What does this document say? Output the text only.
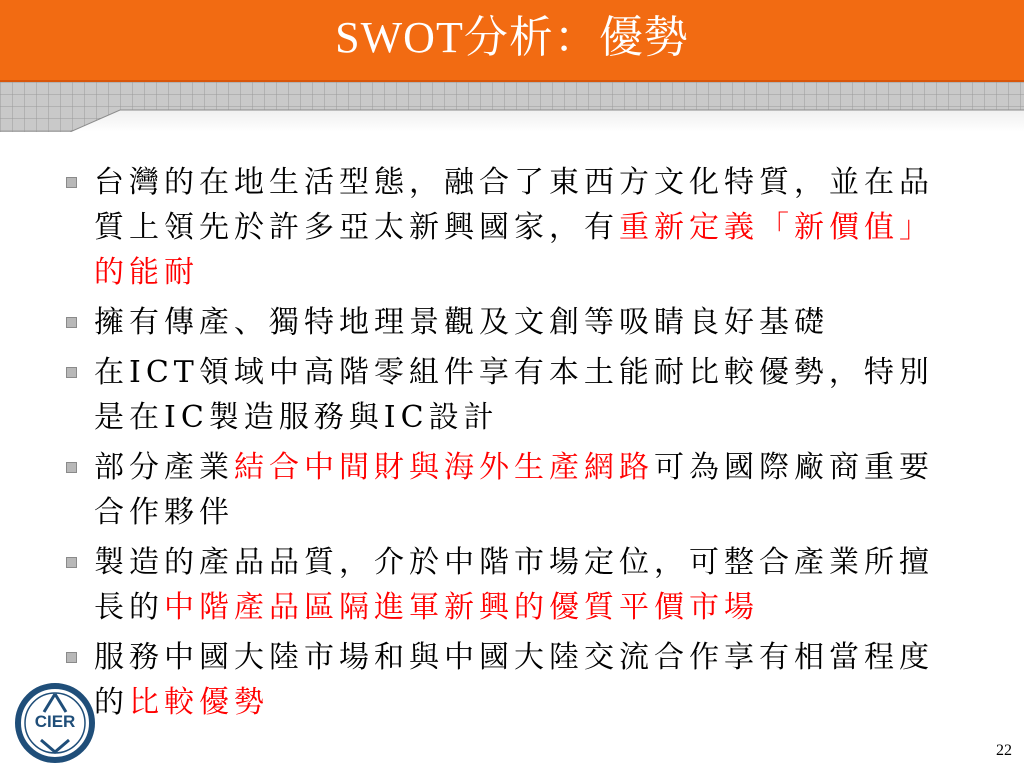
SWOT分析：優勢
台灣的在地生活型態，融合了東西方文化特質，並在品質上領先於許多亞太新興國家，有重新定義「新價值」的能耐
擁有傳產、獨特地理景觀及文創等吸睛良好基礎
在ICT領域中高階零組件享有本土能耐比較優勢，特別是在IC製造服務與IC設計
部分產業結合中間財與海外生產網路可為國際廠商重要合作夥伴
製造的產品品質，介於中階市場定位，可整合產業所擅長的中階產品區隔進軍新興的優質平價市場
服務中國大陸市場和與中國大陸交流合作享有相當程度的比較優勢
CIER
22
